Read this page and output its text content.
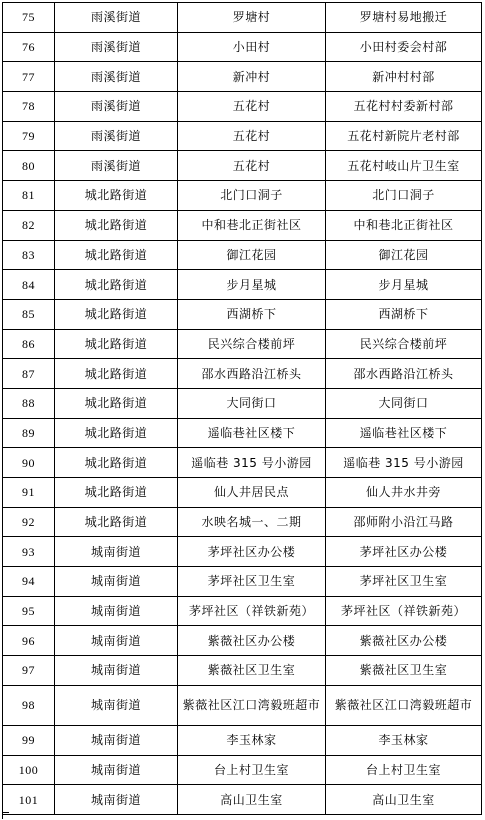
75	雨溪街道	罗塘村	罗塘村易地搬迁
76	雨溪街道	小田村	小田村委会村部
77	雨溪街道	新冲村	新冲村村部
78	雨溪街道	五花村	五花村村委新村部
79	雨溪街道	五花村	五花村新院片老村部
80	雨溪街道	五花村	五花村岐山片卫生室
81	城北路街道	北门口洞子	北门口洞子
82	城北路街道	中和巷北正街社区	中和巷北正街社区
83	城北路街道	御江花园	御江花园
84	城北路街道	步月星城	步月星城
85	城北路街道	西湖桥下	西湖桥下
86	城北路街道	民兴综合楼前坪	民兴综合楼前坪
87	城北路街道	邵水西路沿江桥头	邵水西路沿江桥头
88	城北路街道	大同街口	大同街口
89	城北路街道	遥临巷社区楼下	遥临巷社区楼下
90	城北路街道	遥临巷 315 号小游园	遥临巷 315 号小游园
91	城北路街道	仙人井居民点	仙人井水井旁
92	城北路街道	水映名城一、二期	邵师附小沿江马路
93	城南街道	茅坪社区办公楼	茅坪社区办公楼
94	城南街道	茅坪社区卫生室	茅坪社区卫生室
95	城南街道	茅坪社区（祥铁新苑）	茅坪社区（祥铁新苑）
96	城南街道	紫薇社区办公楼	紫薇社区办公楼
97	城南街道	紫薇社区卫生室	紫薇社区卫生室
98	城南街道	紫薇社区江口湾毅班超市	紫薇社区江口湾毅班超市
99	城南街道	李玉林家	李玉林家
100	城南街道	台上村卫生室	台上村卫生室
101	城南街道	高山卫生室	高山卫生室
